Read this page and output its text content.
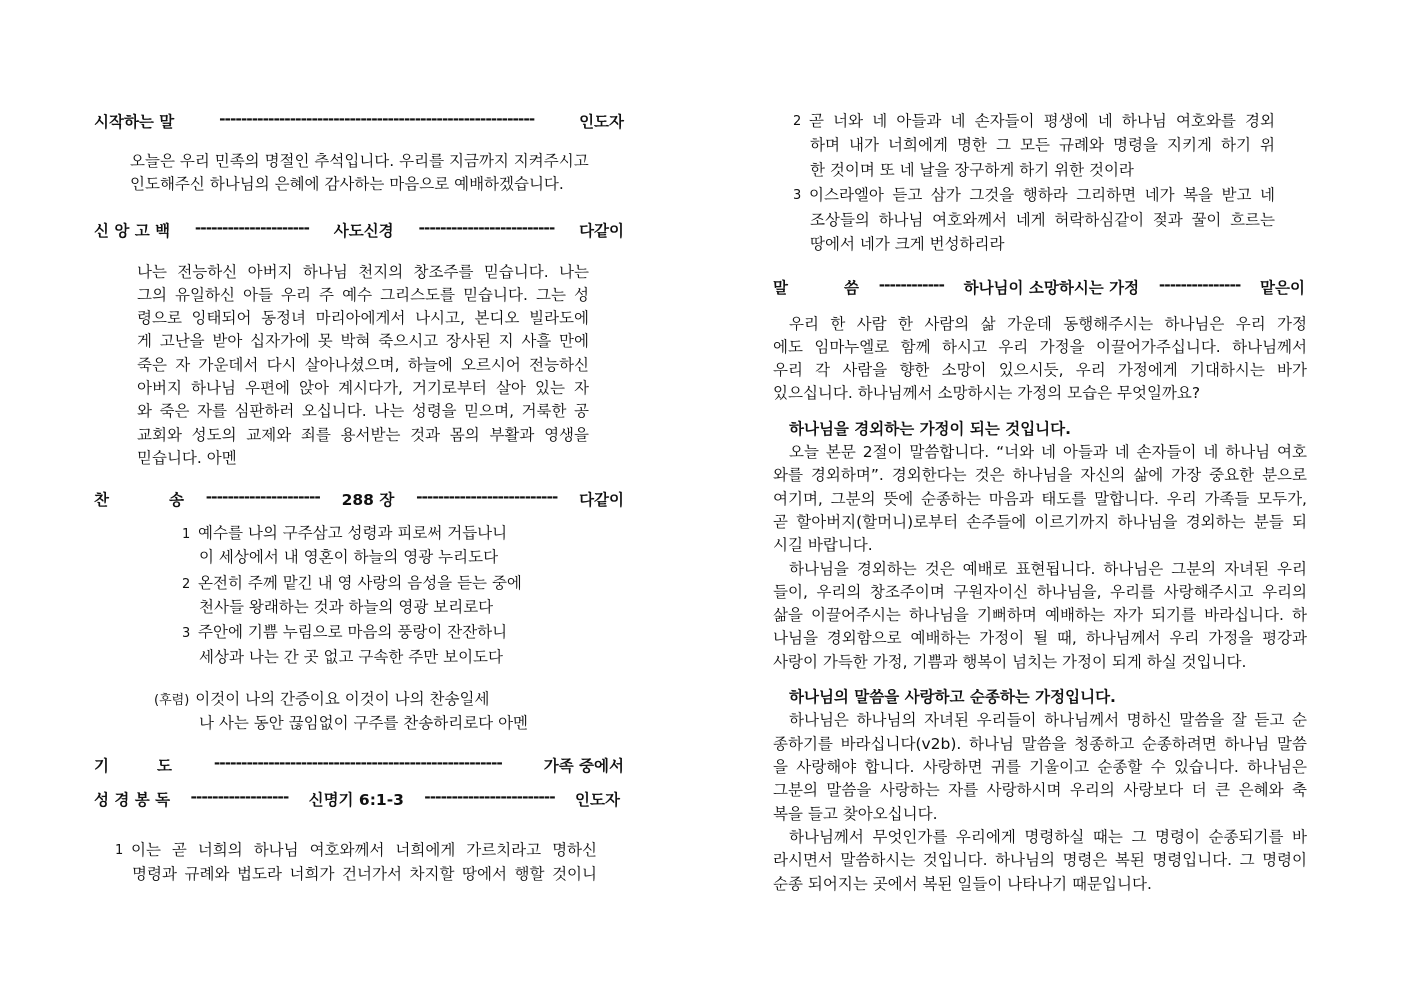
시작하는 말	----------------------------------------------------------	인도자
오늘은 우리 민족의 명절인 추석입니다. 우리를 지금까지 지켜주시고
인도해주신 하나님의 은혜에 감사하는 마음으로 예배하겠습니다.
신 앙 고 백 --------------------- 사도신경 ------------------------- 다같이
나는 전능하신 아버지 하나님 천지의 창조주를 믿습니다. 나는
그의 유일하신 아들 우리 주 예수 그리스도를 믿습니다. 그는 성
령으로 잉태되어 동정녀 마리아에게서 나시고, 본디오 빌라도에
게 고난을 받아 십자가에 못 박혀 죽으시고 장사된 지 사흘 만에
죽은 자 가운데서 다시 살아나셨으며, 하늘에 오르시어 전능하신
아버지 하나님 우편에 앉아 계시다가, 거기로부터 살아 있는 자
와 죽은 자를 심판하러 오십니다. 나는 성령을 믿으며, 거룩한 공
교회와 성도의 교제와 죄를 용서받는 것과 몸의 부활과 영생을
믿습니다. 아멘
찬	송 --------------------- 288 장 -------------------------- 다같이
1 예수를 나의 구주삼고 성령과 피로써 거듭나니
이 세상에서 내 영혼이 하늘의 영광 누리도다
2 온전히 주께 맡긴 내 영 사랑의 음성을 듣는 중에
천사들 왕래하는 것과 하늘의 영광 보리로다
3 주안에 기쁨 누림으로 마음의 풍랑이 잔잔하니
세상과 나는 간 곳 없고 구속한 주만 보이도다
(후렴) 이것이 나의 간증이요 이것이 나의 찬송일세
나 사는 동안 끊임없이 구주를 찬송하리로다 아멘
기	도	-----------------------------------------------------	가족 중에서
성 경 봉 독 ------------------ 신명기 6:1-3 ------------------------ 인도자
1 이는 곧 너희의 하나님 여호와께서 너희에게 가르치라고 명하신
명령과 규례와 법도라 너희가 건너가서 차지할 땅에서 행할 것이니
2 곧 너와 네 아들과 네 손자들이 평생에 네 하나님 여호와를 경외
하며 내가 너희에게 명한 그 모든 규례와 명령을 지키게 하기 위
한 것이며 또 네 날을 장구하게 하기 위한 것이라
3 이스라엘아 듣고 삼가 그것을 행하라 그리하면 네가 복을 받고 네
조상들의 하나님 여호와께서 네게 허락하심같이 젖과 꿀이 흐르는
땅에서 네가 크게 번성하리라
말	씀 ------------ 하나님이 소망하시는 가정 --------------- 맡은이
우리 한 사람 한 사람의 삶 가운데 동행해주시는 하나님은 우리 가정
에도 임마누엘로 함께 하시고 우리 가정을 이끌어가주십니다. 하나님께서
우리 각 사람을 향한 소망이 있으시듯, 우리 가정에게 기대하시는 바가
있으십니다. 하나님께서 소망하시는 가정의 모습은 무엇일까요?
하나님을 경외하는 가정이 되는 것입니다.
오늘 본문 2절이 말씀합니다. “너와 네 아들과 네 손자들이 네 하나님 여호
와를 경외하며”. 경외한다는 것은 하나님을 자신의 삶에 가장 중요한 분으로
여기며, 그분의 뜻에 순종하는 마음과 태도를 말합니다. 우리 가족들 모두가,
곧 할아버지(할머니)로부터 손주들에 이르기까지 하나님을 경외하는 분들 되
시길 바랍니다.
하나님을 경외하는 것은 예배로 표현됩니다. 하나님은 그분의 자녀된 우리
들이, 우리의 창조주이며 구원자이신 하나님을, 우리를 사랑해주시고 우리의
삶을 이끌어주시는 하나님을 기뻐하며 예배하는 자가 되기를 바라십니다. 하
나님을 경외함으로 예배하는 가정이 될 때, 하나님께서 우리 가정을 평강과
사랑이 가득한 가정, 기쁨과 행복이 넘치는 가정이 되게 하실 것입니다.
하나님의 말씀을 사랑하고 순종하는 가정입니다.
하나님은 하나님의 자녀된 우리들이 하나님께서 명하신 말씀을 잘 듣고 순
종하기를 바라십니다(v2b). 하나님 말씀을 청종하고 순종하려면 하나님 말씀
을 사랑해야 합니다. 사랑하면 귀를 기울이고 순종할 수 있습니다. 하나님은
그분의 말씀을 사랑하는 자를 사랑하시며 우리의 사랑보다 더 큰 은혜와 축
복을 들고 찾아오십니다.
하나님께서 무엇인가를 우리에게 명령하실 때는 그 명령이 순종되기를 바
라시면서 말씀하시는 것입니다. 하나님의 명령은 복된 명령입니다. 그 명령이
순종 되어지는 곳에서 복된 일들이 나타나기 때문입니다.
